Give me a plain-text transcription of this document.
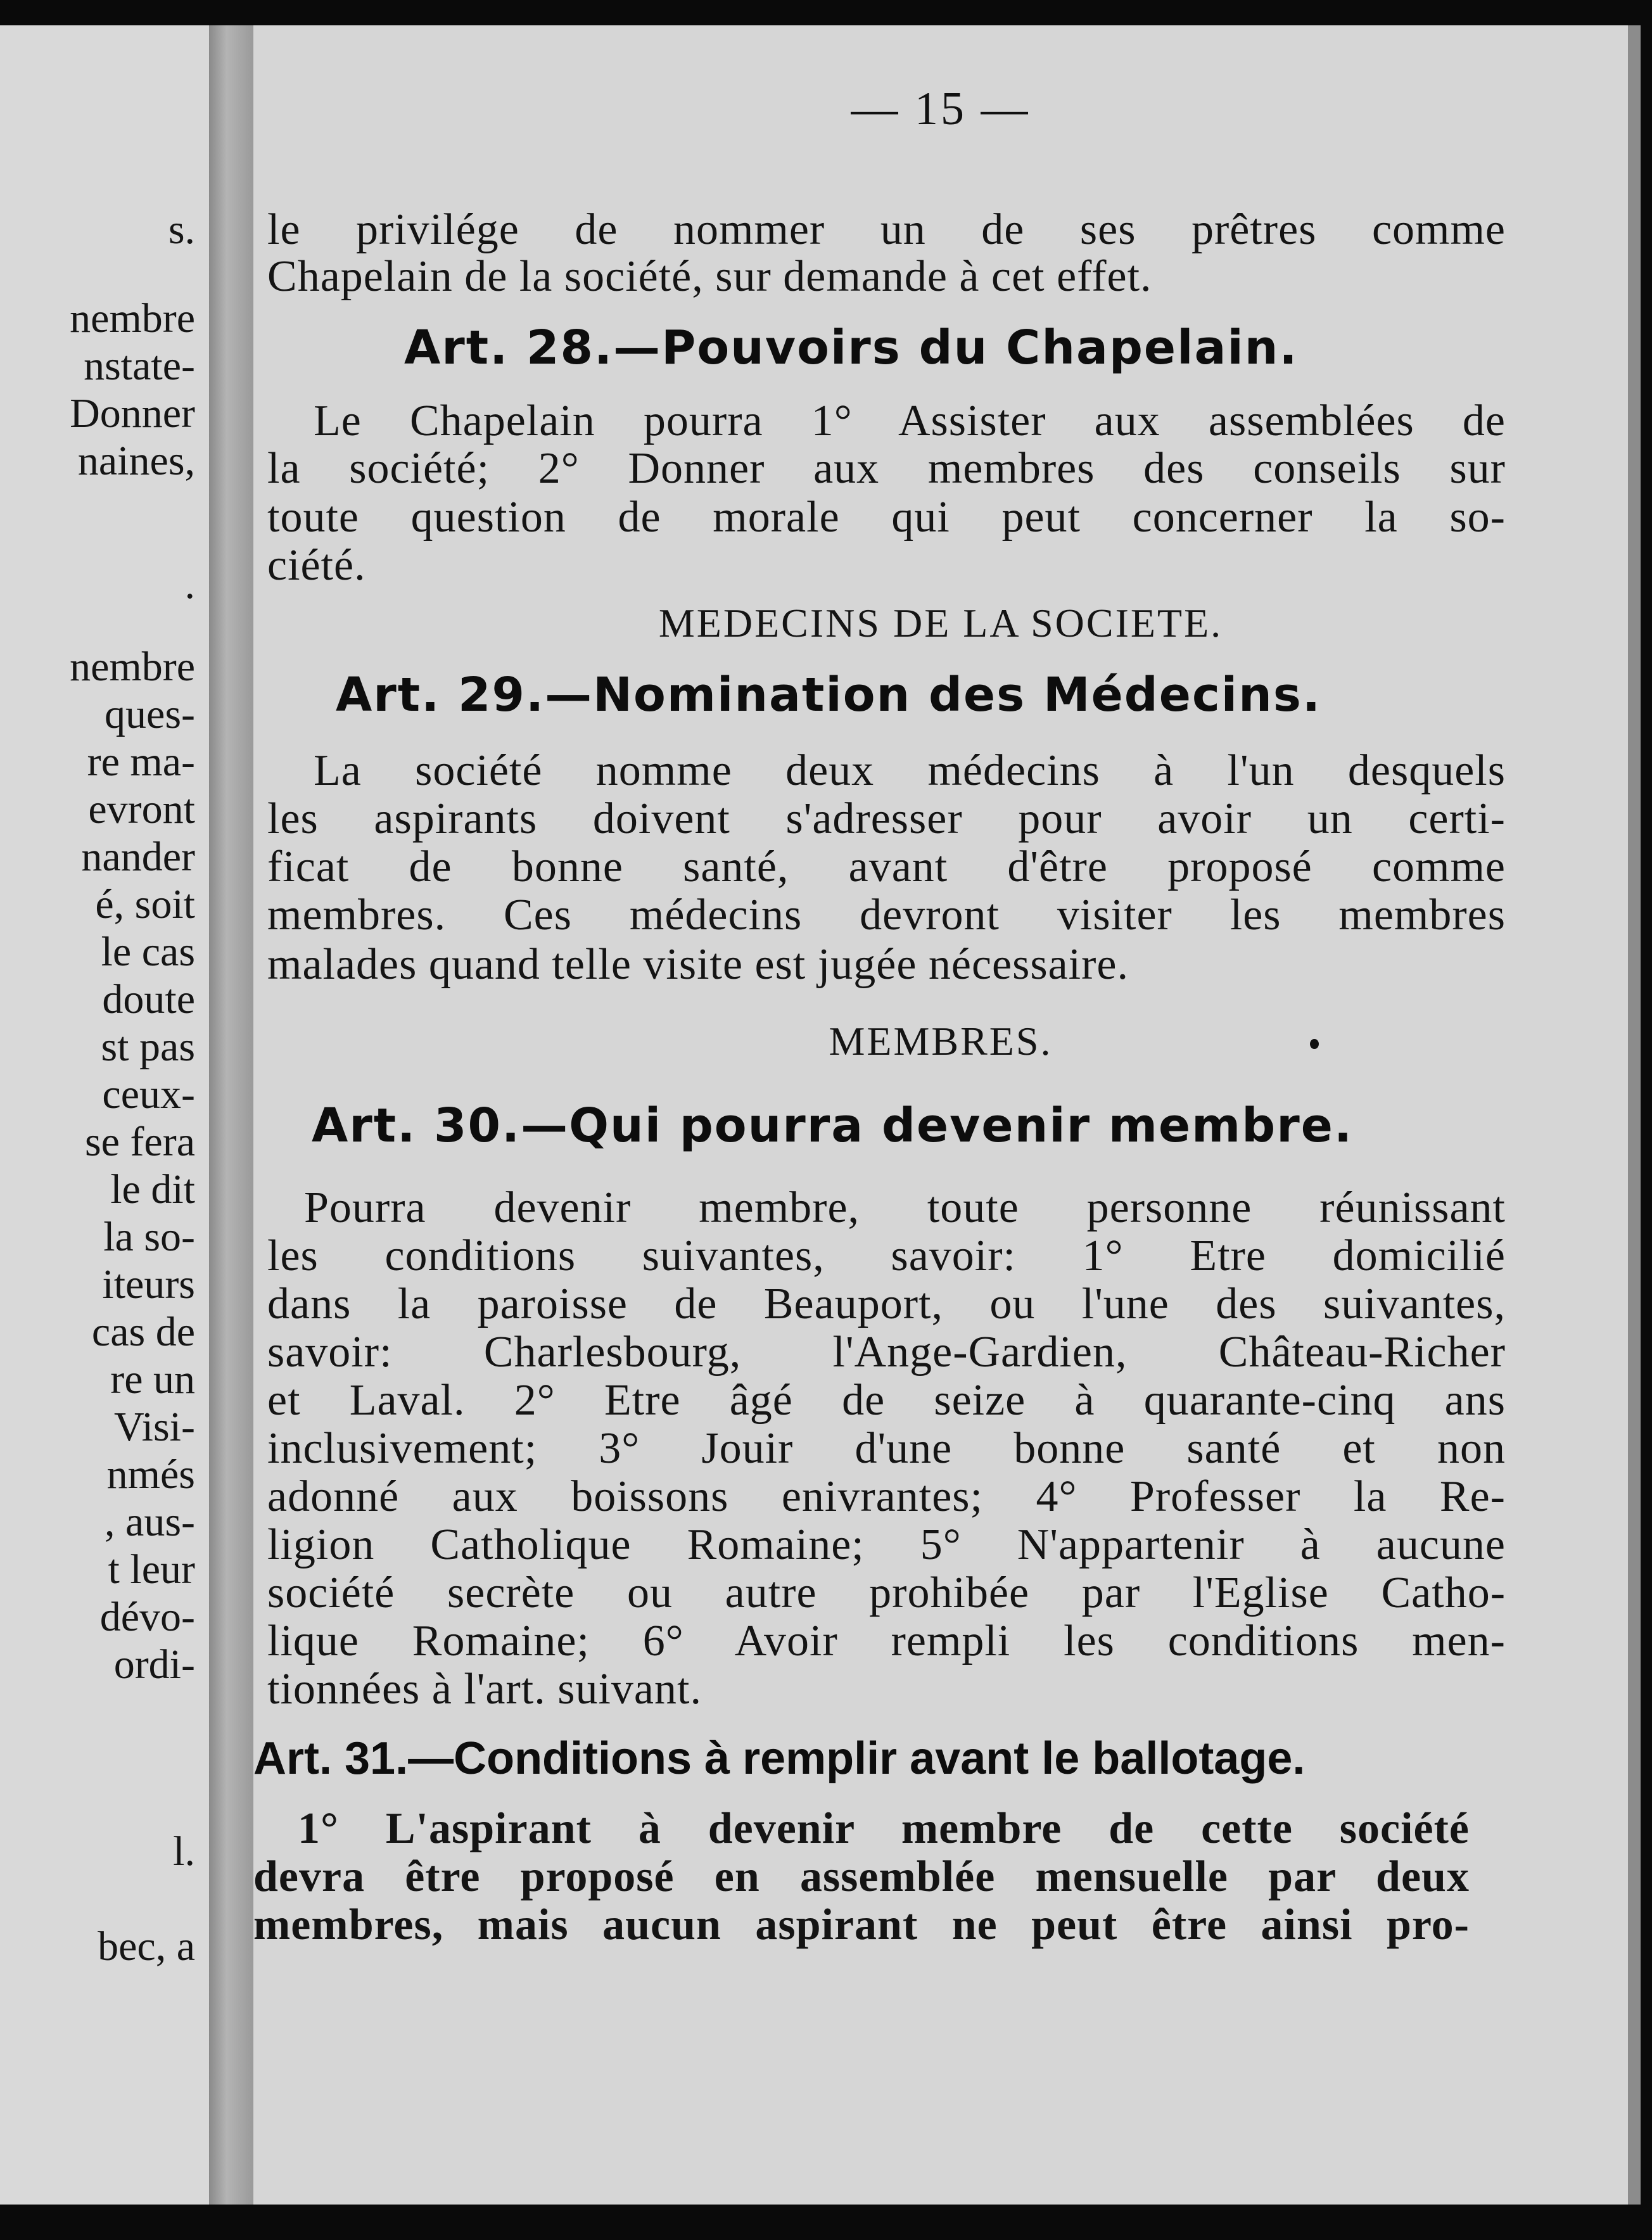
s.
nembre
nstate-
Donner
naines,
.
nembre
ques-
re ma-
evront
nander
é, soit
le cas
doute
st pas
ceux-
se fera
le dit
la so-
iteurs
cas de
re un
Visi-
nmés
, aus-
t leur
dévo-
ordi-
l.
bec, a
— 15 —
le privilége de nommer un de ses prêtres comme
Chapelain de la société, sur demande à cet effet.
Art. 28.—Pouvoirs du Chapelain.
Le Chapelain pourra 1° Assister aux assemblées de
la société; 2° Donner aux membres des conseils sur
toute question de morale qui peut concerner la so-
ciété.
MEDECINS DE LA SOCIETE.
Art. 29.—Nomination des Médecins.
La société nomme deux médecins à l'un desquels
les aspirants doivent s'adresser pour avoir un certi-
ficat de bonne santé, avant d'être proposé comme
membres. Ces médecins devront visiter les membres
malades quand telle visite est jugée nécessaire.
MEMBRES.
Art. 30.—Qui pourra devenir membre.
Pourra devenir membre, toute personne réunissant
les conditions suivantes, savoir: 1° Etre domicilié
dans la paroisse de Beauport, ou l'une des suivantes,
savoir: Charlesbourg, l'Ange-Gardien, Château-Richer
et Laval. 2° Etre âgé de seize à quarante-cinq ans
inclusivement; 3° Jouir d'une bonne santé et non
adonné aux boissons enivrantes; 4° Professer la Re-
ligion Catholique Romaine; 5° N'appartenir à aucune
société secrète ou autre prohibée par l'Eglise Catho-
lique Romaine; 6° Avoir rempli les conditions men-
tionnées à l'art. suivant.
Art. 31.—Conditions à remplir avant le ballotage.
1° L'aspirant à devenir membre de cette société
devra être proposé en assemblée mensuelle par deux
membres, mais aucun aspirant ne peut être ainsi pro-
